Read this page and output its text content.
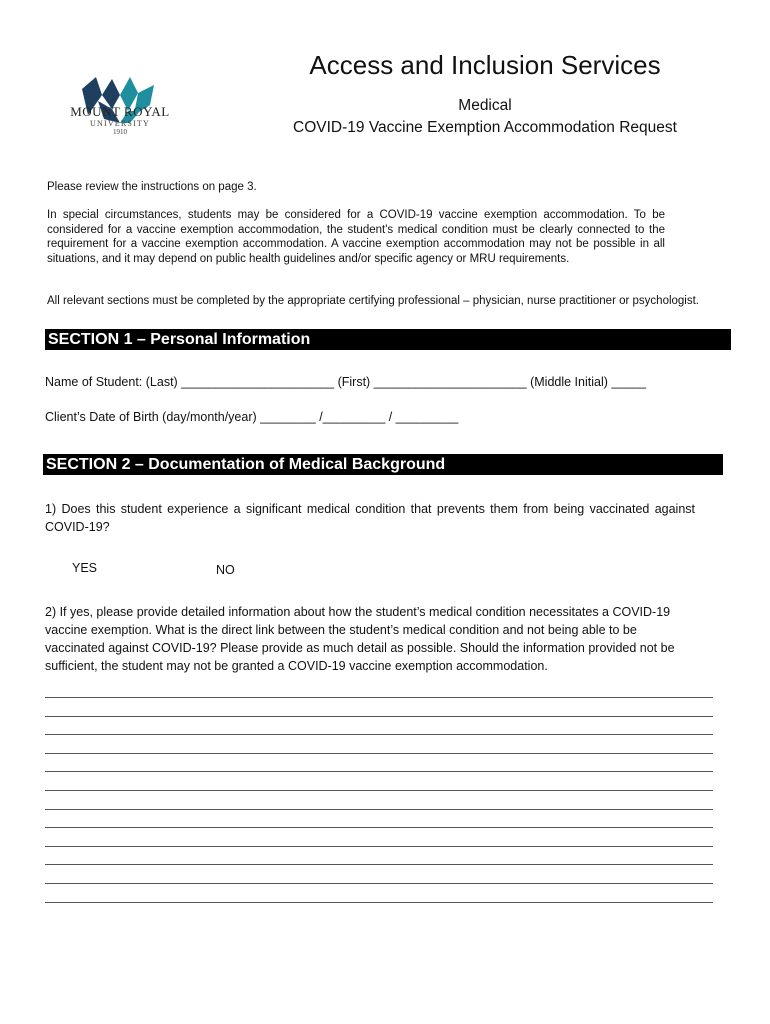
MOUNT ROYAL
UNIVERSITY
1910
Access and Inclusion Services
Medical
COVID-19 Vaccine Exemption Accommodation Request
Please review the instructions on page 3.
In special circumstances, students may be considered for a COVID-19 vaccine exemption accommodation. To be considered for a vaccine exemption accommodation, the student's medical condition must be clearly connected to the requirement for a vaccine exemption accommodation. A vaccine exemption accommodation may not be possible in all situations, and it may depend on public health guidelines and/or specific agency or MRU requirements.
All relevant sections must be completed by the appropriate certifying professional – physician, nurse practitioner or psychologist.
SECTION 1 – Personal Information
Name of Student: (Last) ______________________ (First) ______________________ (Middle Initial) _____
Client’s Date of Birth (day/month/year) ________ /_________ / _________
SECTION 2 – Documentation of Medical Background
1) Does this student experience a significant medical condition that prevents them from being vaccinated against COVID-19?
YES	NO
2) If yes, please provide detailed information about how the student’s medical condition necessitates a COVID-19 vaccine exemption. What is the direct link between the student’s medical condition and not being able to be vaccinated against COVID-19? Please provide as much detail as possible. Should the information provided not be sufficient, the student may not be granted a COVID-19 vaccine exemption accommodation.
